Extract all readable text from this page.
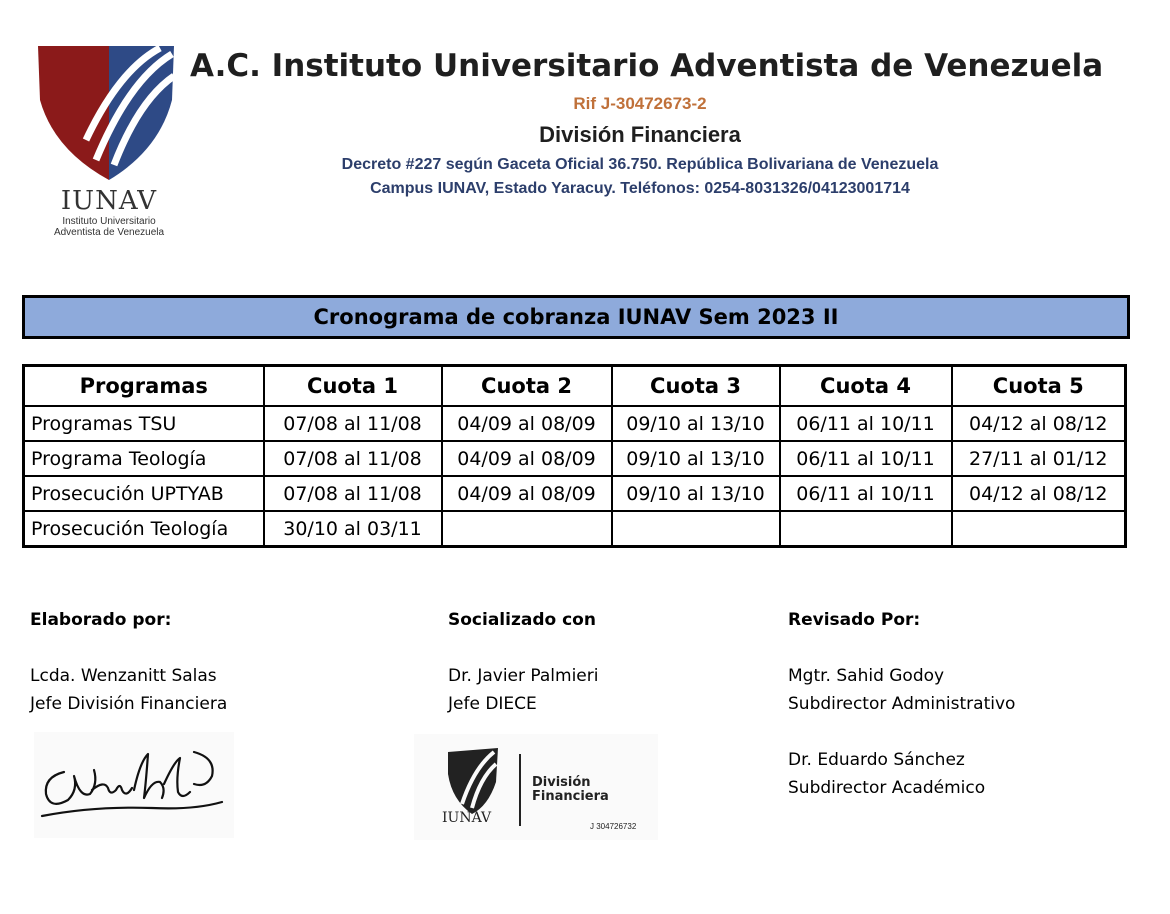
IUNAV
Instituto Universitario
Adventista de Venezuela
A.C. Instituto Universitario Adventista de Venezuela
Rif J-30472673-2
División Financiera
Decreto #227 según Gaceta Oficial 36.750. República Bolivariana de Venezuela
Campus IUNAV, Estado Yaracuy. Teléfonos: 0254-8031326/04123001714
Cronograma de cobranza IUNAV Sem 2023 II
Programas	Cuota 1	Cuota 2	Cuota 3	Cuota 4	Cuota 5
Programas TSU	07/08 al 11/08	04/09 al 08/09	09/10 al 13/10	06/11 al 10/11	04/12 al 08/12
Programa Teología	07/08 al 11/08	04/09 al 08/09	09/10 al 13/10	06/11 al 10/11	27/11 al 01/12
Prosecución UPTYAB	07/08 al 11/08	04/09 al 08/09	09/10 al 13/10	06/11 al 10/11	04/12 al 08/12
Prosecución Teología	30/10 al 03/11				
Elaborado por:

Lcda. Wenzanitt Salas
Jefe División Financiera
Socializado con

Dr. Javier Palmieri
Jefe DIECE
Revisado Por:

Mgtr. Sahid Godoy
Subdirector Administrativo

Dr. Eduardo Sánchez
Subdirector Académico
IUNAV
División
Financiera
J 304726732
